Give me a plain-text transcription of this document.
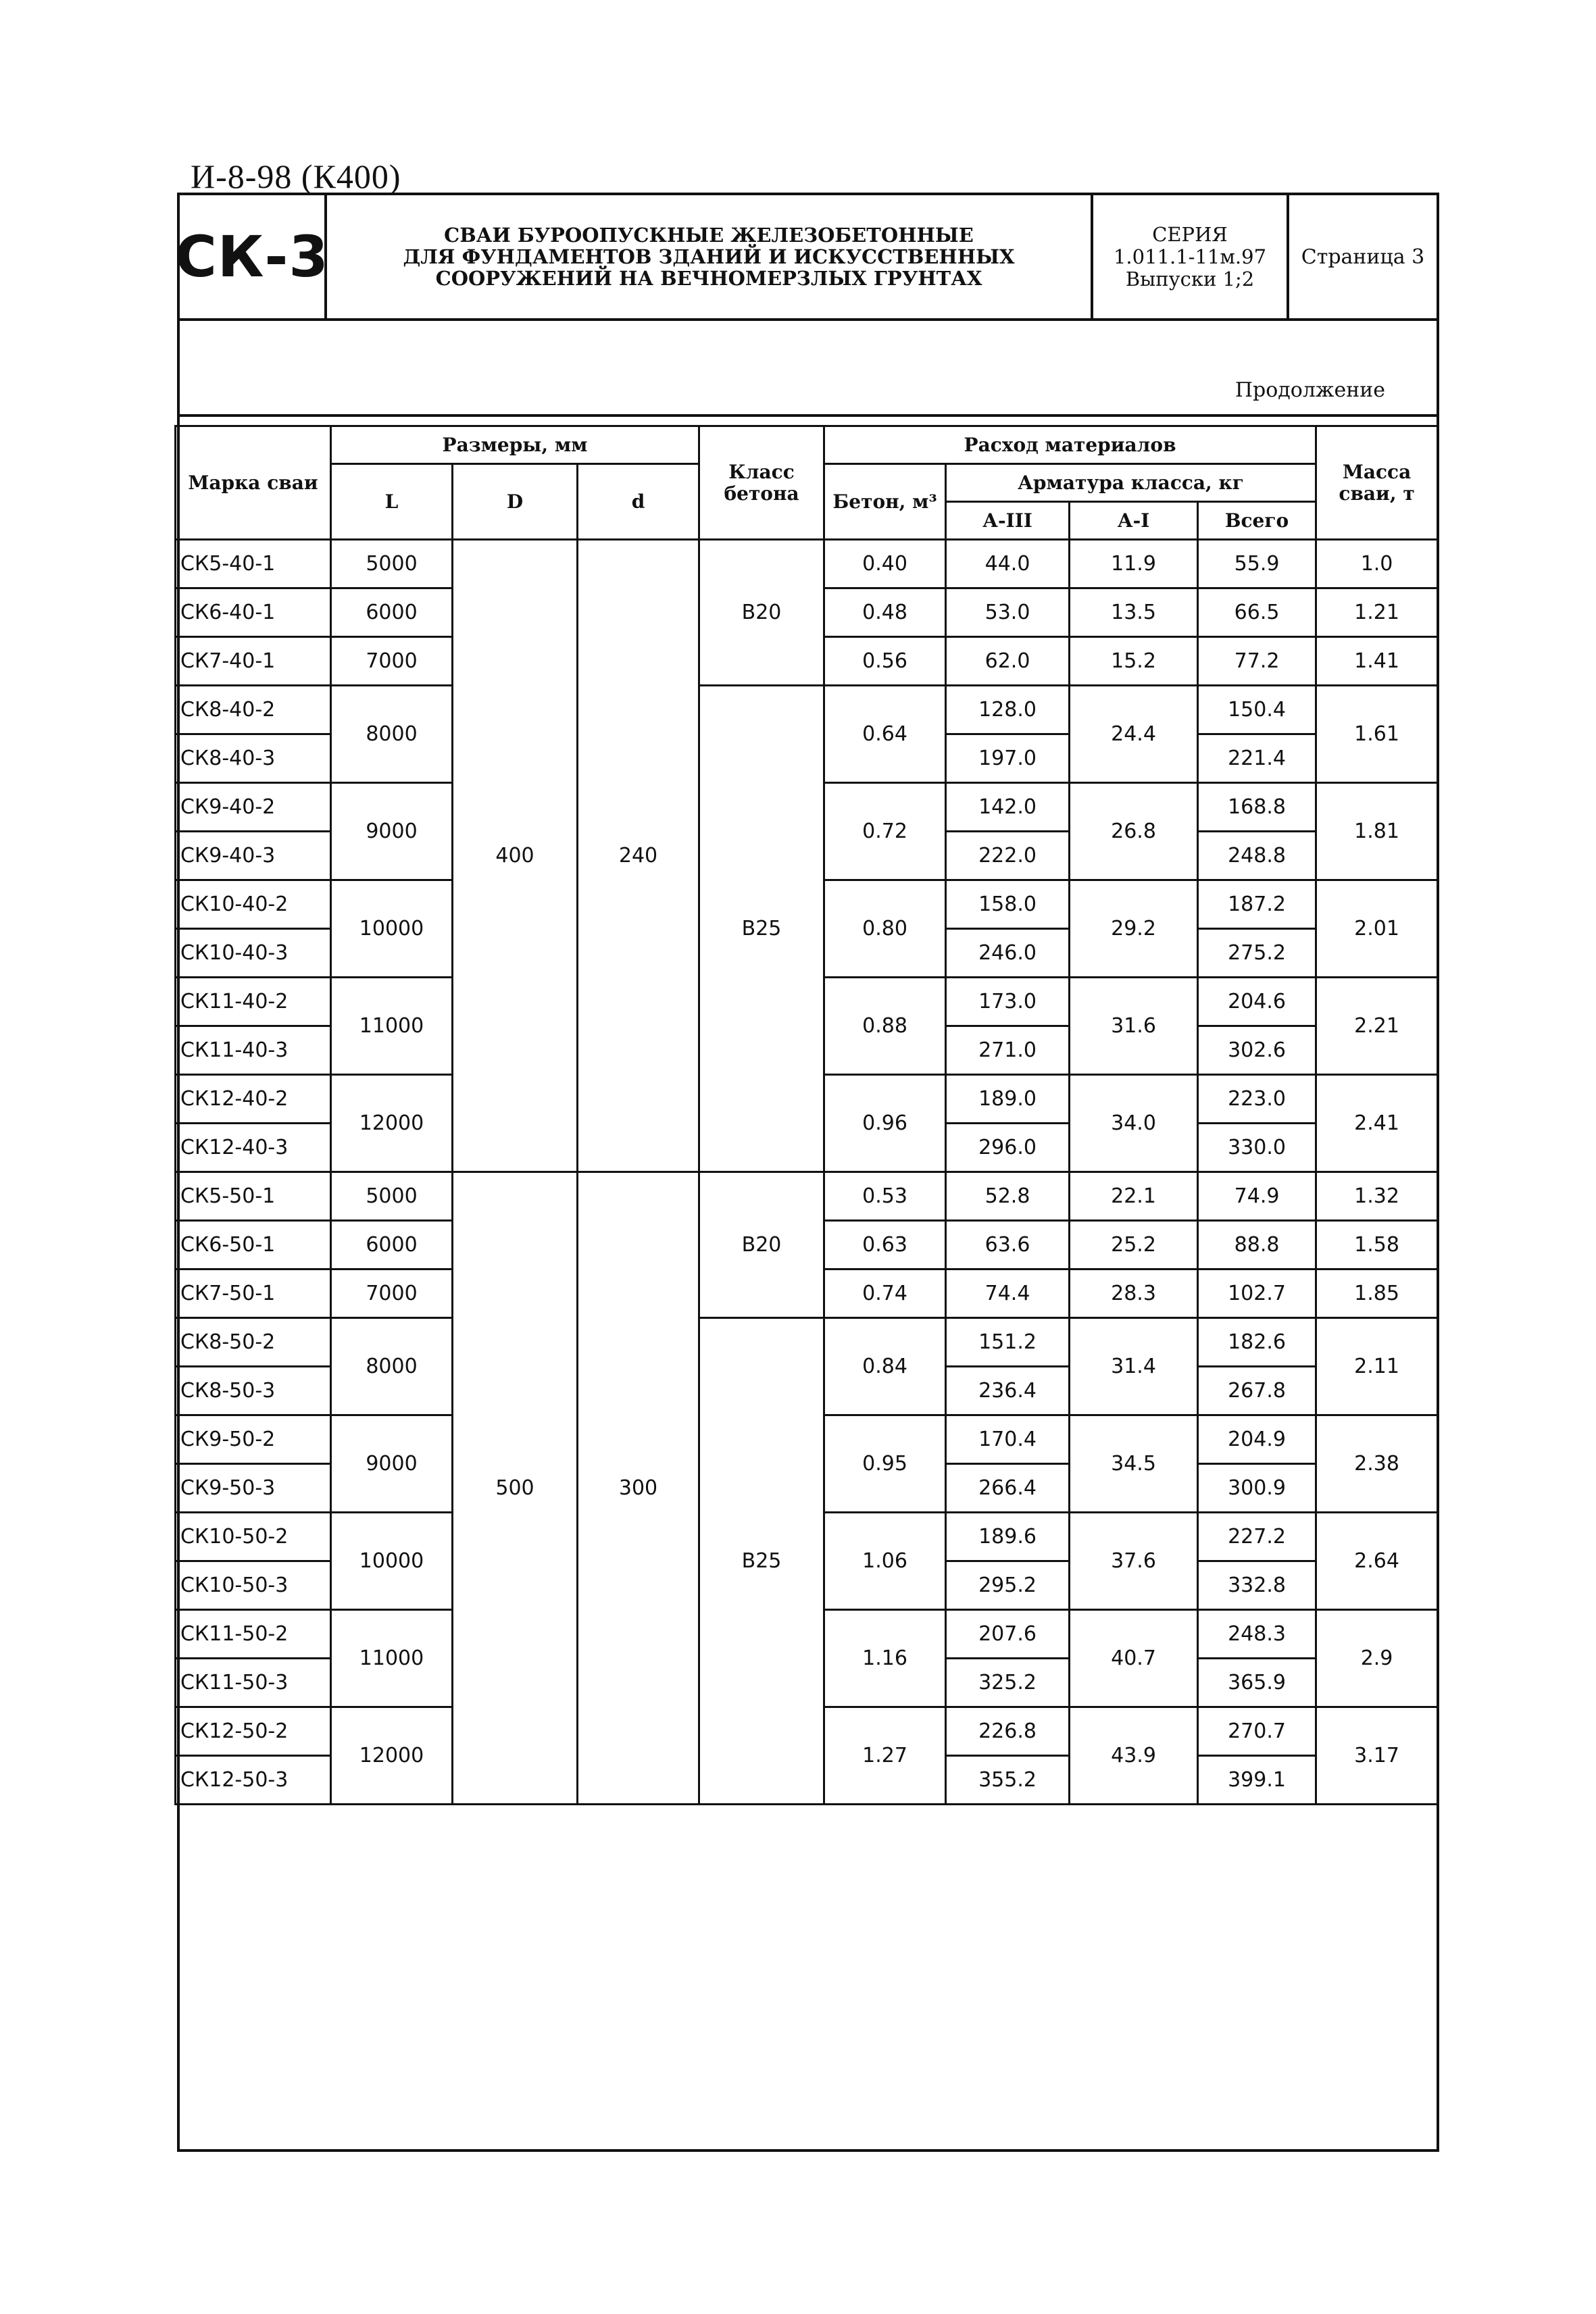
И-8-98 (К400)
СК-3	СВАИ БУРООПУСКНЫЕ ЖЕЛЕЗОБЕТОННЫЕ
ДЛЯ ФУНДАМЕНТОВ ЗДАНИЙ И ИСКУССТВЕННЫХ
СООРУЖЕНИЙ НА ВЕЧНОМЕРЗЛЫХ ГРУНТАХ
СЕРИЯ
1.011.1-11м.97
Выпуски 1;2
Страница 3
Продолжение
Марка сваи	Размеры, мм			Класс бетона	Расход материалов				Масса сваи, т
	L	D	d		Бетон, м³	Арматура класса, кг			
						А-III	А-I	Всего	
СК5-40-1	5000	400	240	В20	0.40	44.0	11.9	55.9	1.0
СК6-40-1	6000				0.48	53.0	13.5	66.5	1.21
СК7-40-1	7000				0.56	62.0	15.2	77.2	1.41
СК8-40-2	8000			В25	0.64	128.0	24.4	150.4	1.61
СК8-40-3						197.0		221.4	
СК9-40-2	9000				0.72	142.0	26.8	168.8	1.81
СК9-40-3						222.0		248.8	
СК10-40-2	10000				0.80	158.0	29.2	187.2	2.01
СК10-40-3						246.0		275.2	
СК11-40-2	11000				0.88	173.0	31.6	204.6	2.21
СК11-40-3						271.0		302.6	
СК12-40-2	12000				0.96	189.0	34.0	223.0	2.41
СК12-40-3						296.0		330.0	
СК5-50-1	5000	500	300	В20	0.53	52.8	22.1	74.9	1.32
СК6-50-1	6000				0.63	63.6	25.2	88.8	1.58
СК7-50-1	7000				0.74	74.4	28.3	102.7	1.85
СК8-50-2	8000			В25	0.84	151.2	31.4	182.6	2.11
СК8-50-3						236.4		267.8	
СК9-50-2	9000				0.95	170.4	34.5	204.9	2.38
СК9-50-3						266.4		300.9	
СК10-50-2	10000				1.06	189.6	37.6	227.2	2.64
СК10-50-3						295.2		332.8	
СК11-50-2	11000				1.16	207.6	40.7	248.3	2.9
СК11-50-3						325.2		365.9	
СК12-50-2	12000				1.27	226.8	43.9	270.7	3.17
СК12-50-3						355.2		399.1	
